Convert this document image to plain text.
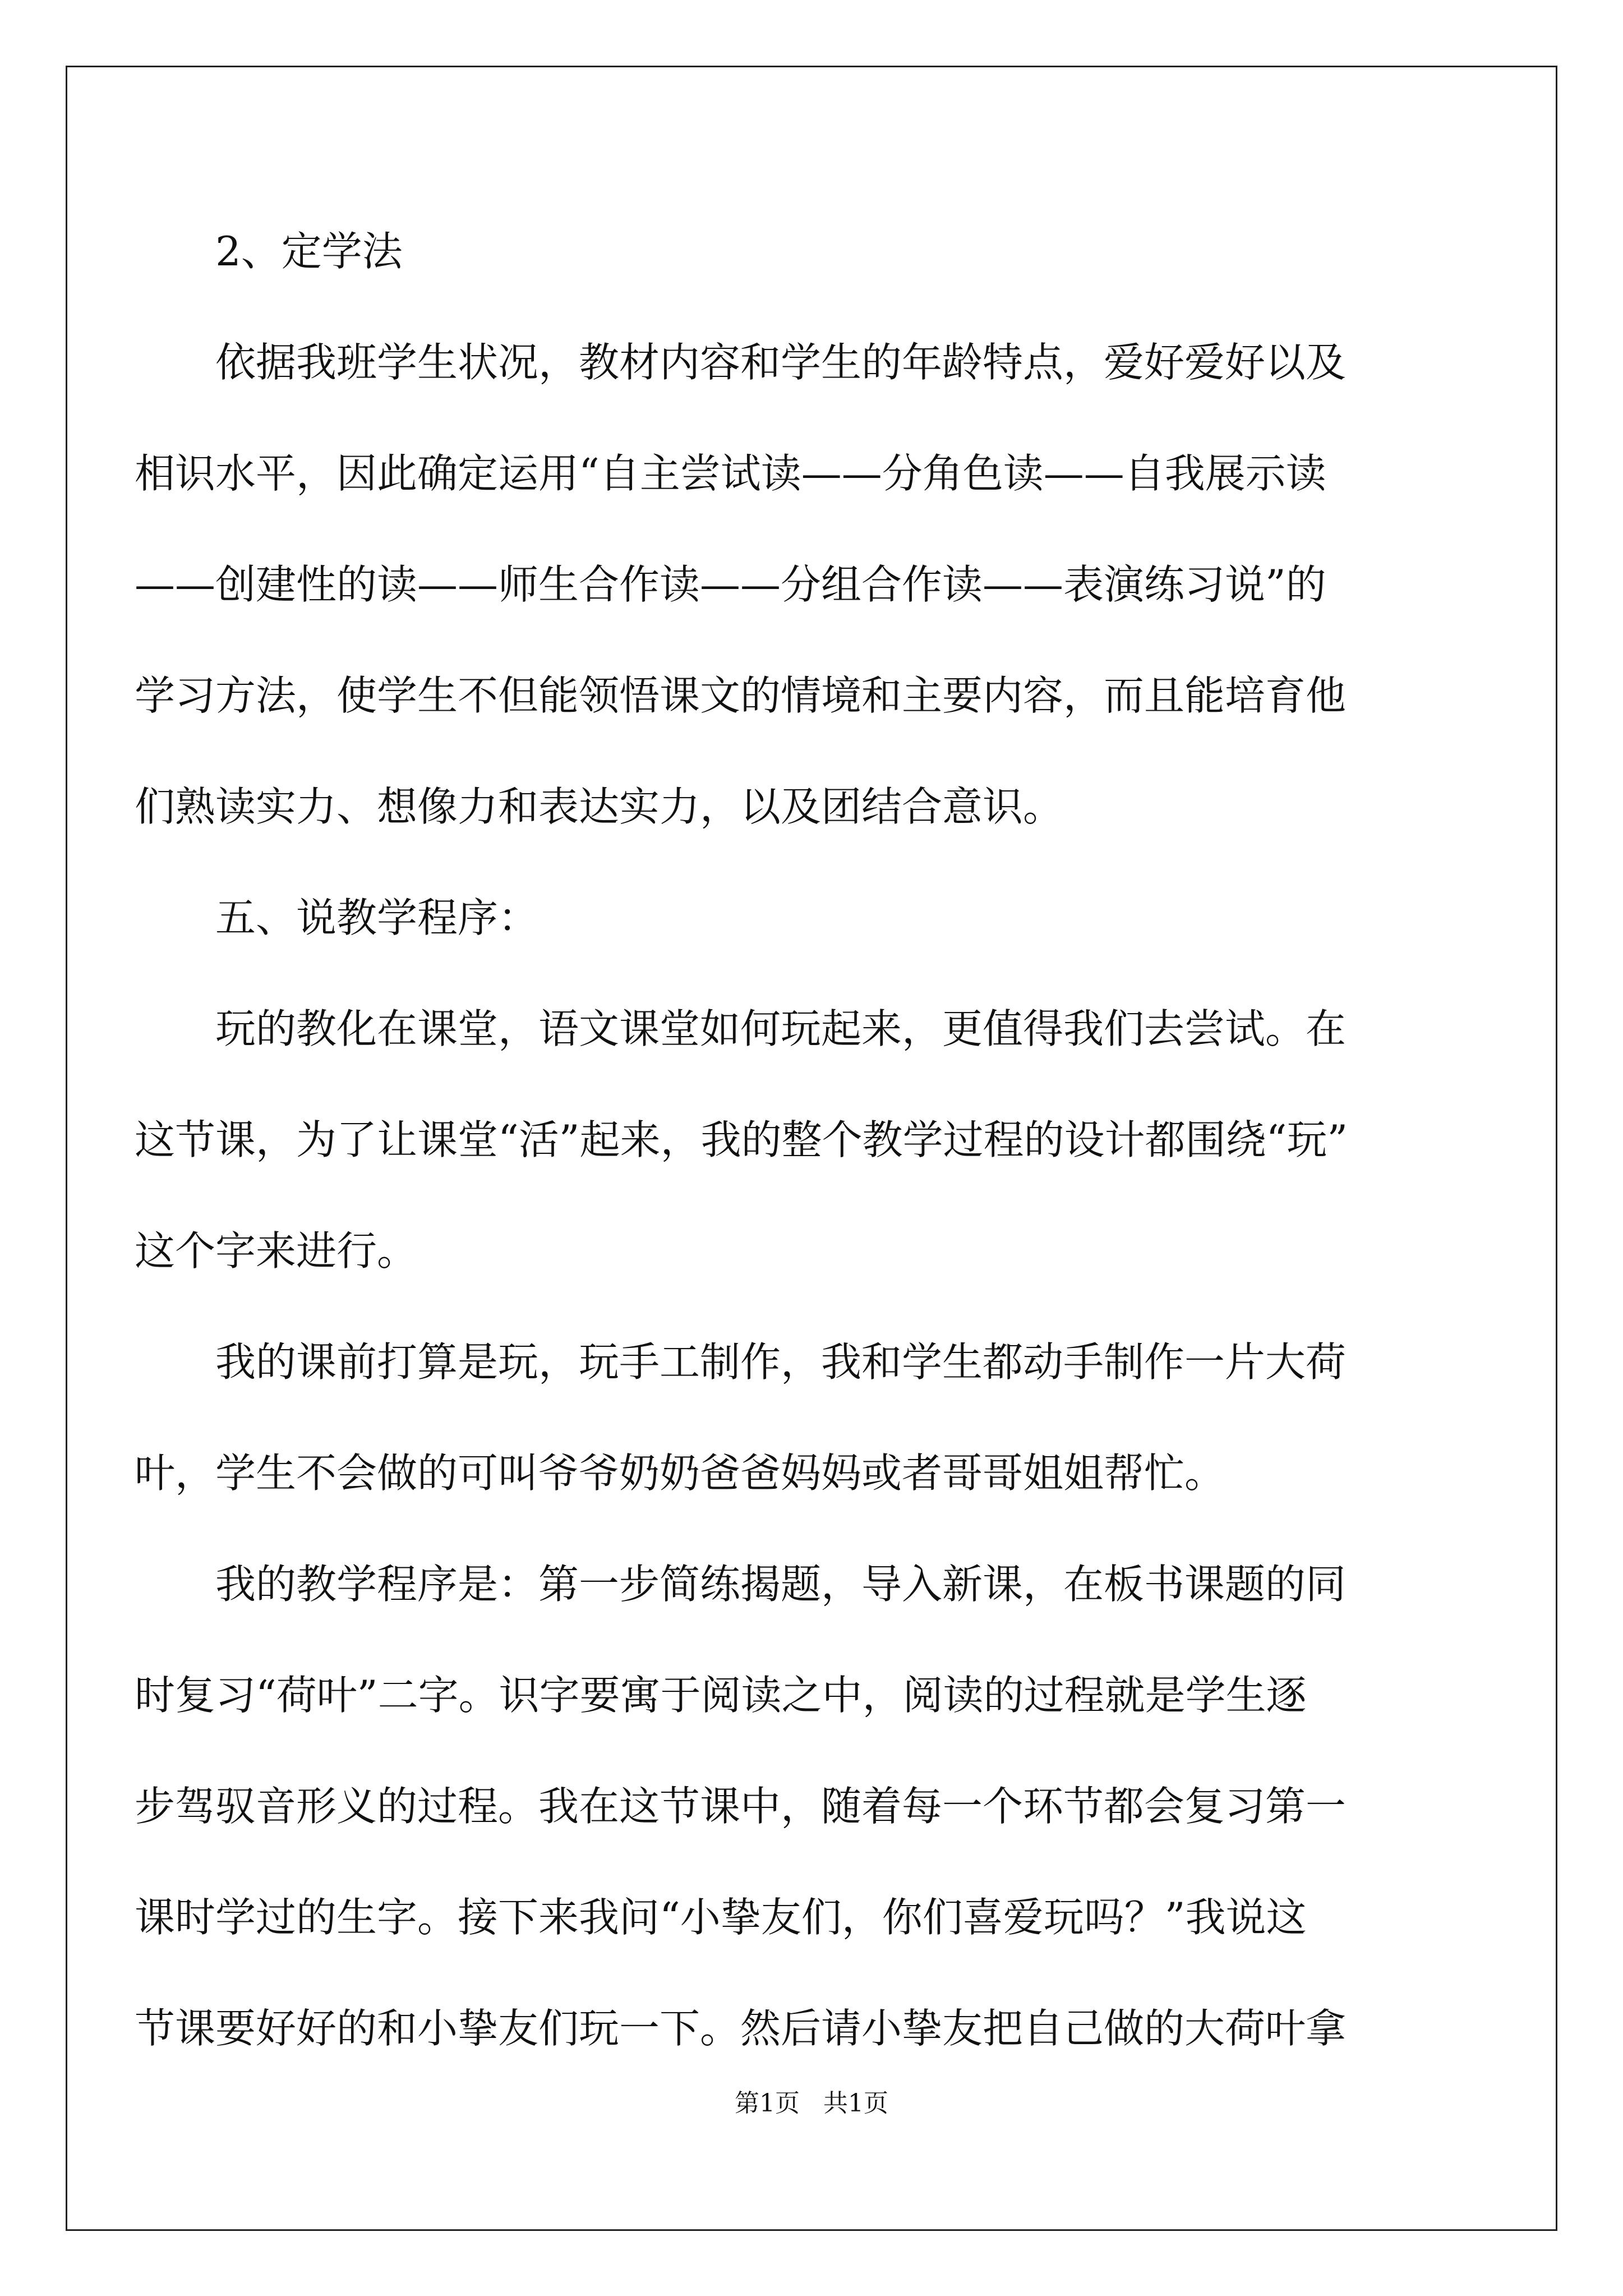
　　2、定学法
　　依据我班学生状况，教材内容和学生的年龄特点，爱好爱好以及
相识水平，因此确定运用“自主尝试读——分角色读——自我展示读
——创建性的读——师生合作读——分组合作读——表演练习说”的
学习方法，使学生不但能领悟课文的情境和主要内容，而且能培育他
们熟读实力、想像力和表达实力，以及团结合意识。
　　五、说教学程序：
　　玩的教化在课堂，语文课堂如何玩起来，更值得我们去尝试。在
这节课，为了让课堂“活”起来，我的整个教学过程的设计都围绕“玩”
这个字来进行。
　　我的课前打算是玩，玩手工制作，我和学生都动手制作一片大荷
叶，学生不会做的可叫爷爷奶奶爸爸妈妈或者哥哥姐姐帮忙。
　　我的教学程序是：第一步简练揭题，导入新课，在板书课题的同
时复习“荷叶”二字。识字要寓于阅读之中，阅读的过程就是学生逐
步驾驭音形义的过程。我在这节课中，随着每一个环节都会复习第一
课时学过的生字。接下来我问“小挚友们，你们喜爱玩吗？”我说这
节课要好好的和小挚友们玩一下。然后请小挚友把自己做的大荷叶拿
第1页 共1页
